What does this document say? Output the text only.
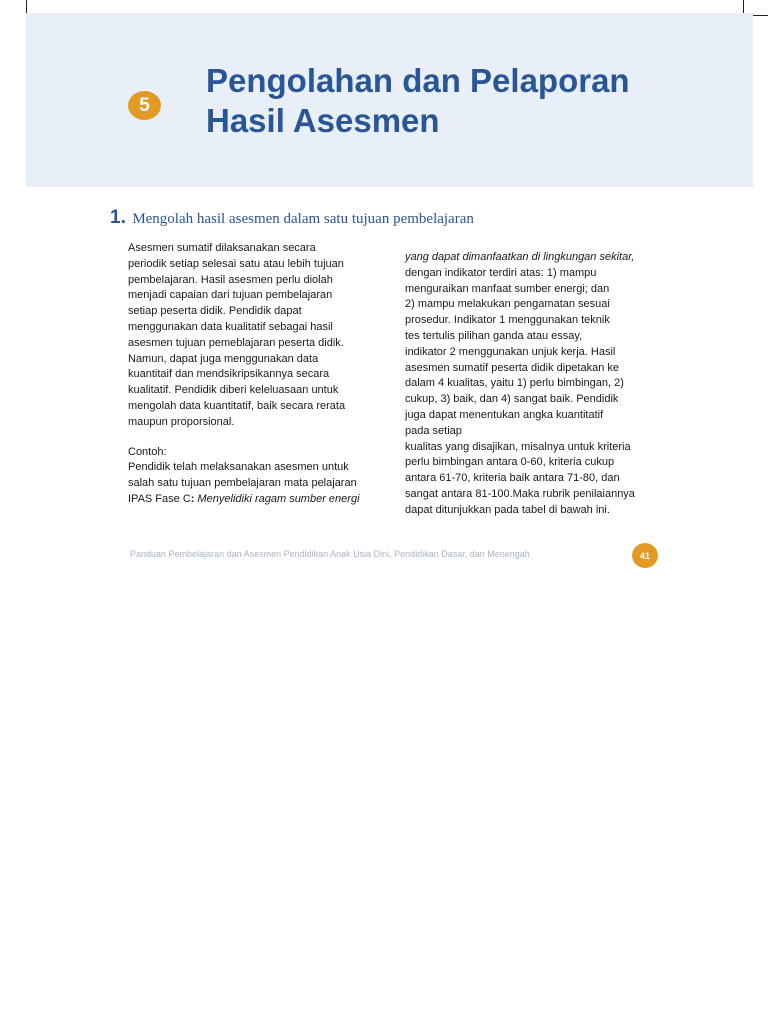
5
Pengolahan dan Pelaporan
Hasil Asesmen
1. Mengolah hasil asesmen dalam satu tujuan pembelajaran
Asesmen sumatif dilaksanakan secara
periodik setiap selesai satu atau lebih tujuan
pembelajaran. Hasil asesmen perlu diolah
menjadi capaian dari tujuan pembelajaran
setiap peserta didik. Pendidik dapat
menggunakan data kualitatif sebagai hasil
asesmen tujuan pemeblajaran peserta didik.
Namun, dapat juga menggunakan data
kuantitaif dan mendsikripsikannya secara
kualitatif. Pendidik diberi keleluasaan untuk
mengolah data kuantitatif, baik secara rerata
maupun proporsional.
Contoh:
Pendidik telah melaksanakan asesmen untuk
salah satu tujuan pembelajaran mata pelajaran
IPAS Fase C: Menyelidiki ragam sumber energi
yang dapat dimanfaatkan di lingkungan sekitar,
dengan indikator terdiri atas: 1) mampu
menguraikan manfaat sumber energi; dan
2) mampu melakukan pengamatan sesuai
prosedur. Indikator 1 menggunakan teknik
tes tertulis pilihan ganda atau essay,
indikator 2 menggunakan unjuk kerja. Hasil
asesmen sumatif peserta didik dipetakan ke
dalam 4 kualitas, yaitu 1) perlu bimbingan, 2)
cukup, 3) baik, dan 4) sangat baik. Pendidik
juga dapat menentukan angka kuantitatif
pada setiap
kualitas yang disajikan, misalnya untuk kriteria
perlu bimbingan antara 0-60, kriteria cukup
antara 61-70, kriteria baik antara 71-80, dan
sangat antara 81-100.Maka rubrik penilaiannya
dapat ditunjukkan pada tabel di bawah ini.
Panduan Pembelajaran dan Asesmen Pendidikan Anak Usia Dini, Pendidikan Dasar, dan Menengah	41
